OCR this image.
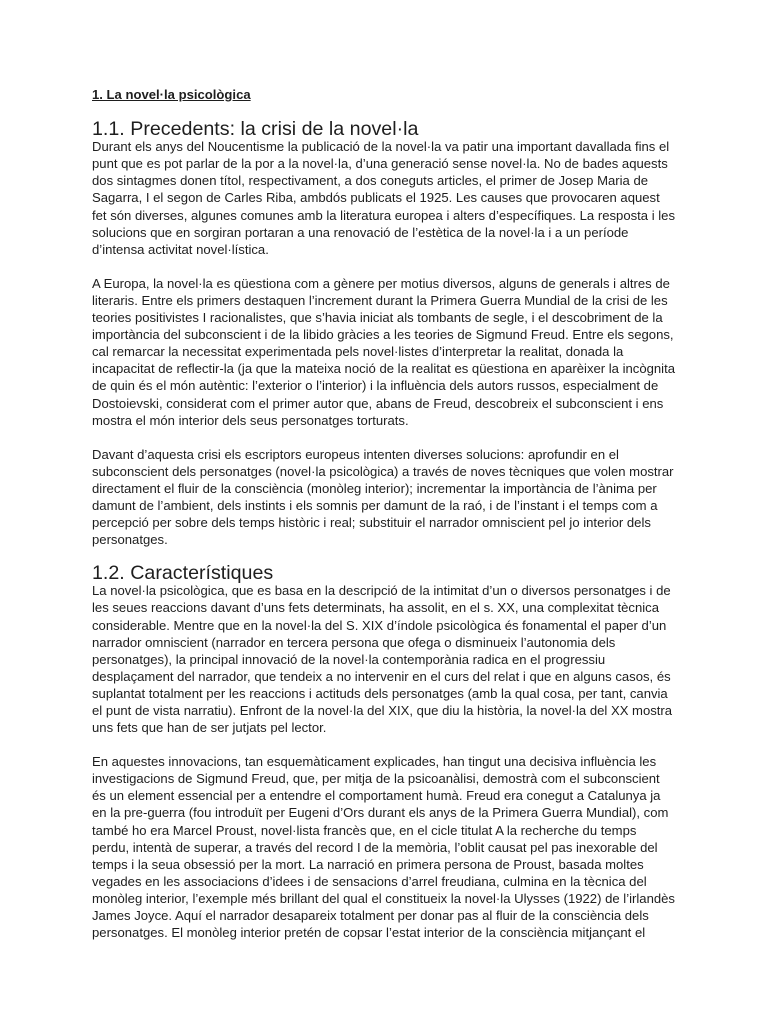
1. La novel·la psicològica
1.1. Precedents: la crisi de la novel·la

Durant els anys del Noucentisme la publicació de la novel·la va patir una important davallada fins el punt que es pot parlar de la por a la novel·la, d’una generació sense novel·la. No de bades aquests dos sintagmes donen títol, respectivament, a dos coneguts articles, el primer de Josep Maria de Sagarra, I el segon de Carles Riba, ambdós publicats el 1925. Les causes que provocaren aquest fet són diverses, algunes comunes amb la literatura europea i alters d’específiques. La resposta i les solucions que en sorgiran portaran a una renovació de l’estètica de la novel·la i a un període d’intensa activitat novel·lística.

A Europa, la novel·la es qüestiona com a gènere per motius diversos, alguns de generals i altres de literaris. Entre els primers destaquen l’increment durant la Primera Guerra Mundial de la crisi de les teories positivistes I racionalistes, que s’havia iniciat als tombants de segle, i el descobriment de la importància del subconscient i de la libido gràcies a les teories de Sigmund Freud. Entre els segons, cal remarcar la necessitat experimentada pels novel·listes d’interpretar la realitat, donada la incapacitat de reflectir-la (ja que la mateixa noció de la realitat es qüestiona en aparèixer la incògnita de quin és el món autèntic: l’exterior o l’interior) i la influència dels autors russos, especialment de Dostoievski, considerat com el primer autor que, abans de Freud, descobreix el subconscient i ens mostra el món interior dels seus personatges torturats.

Davant d’aquesta crisi els escriptors europeus intenten diverses solucions: aprofundir en el subconscient dels personatges (novel·la psicològica) a través de noves tècniques que volen mostrar directament el fluir de la consciència (monòleg interior); incrementar la importància de l’ànima per damunt de l’ambient, dels instints i els somnis per damunt de la raó, i de l’instant i el temps com a percepció per sobre dels temps històric i real; substituir el narrador omniscient pel jo interior dels personatges.

1.2. Característiques

La novel·la psicològica, que es basa en la descripció de la intimitat d’un o diversos personatges i de les seues reaccions davant d’uns fets determinats, ha assolit, en el s. XX, una complexitat tècnica considerable. Mentre que en la novel·la del S. XIX d’índole psicològica és fonamental el paper d’un narrador omniscient (narrador en tercera persona que ofega o disminueix l’autonomia dels personatges), la principal innovació de la novel·la contemporània radica en el progressiu desplaçament del narrador, que tendeix a no intervenir en el curs del relat i que en alguns casos, és suplantat totalment per les reaccions i actituds dels personatges (amb la qual cosa, per tant, canvia el punt de vista narratiu). Enfront de la novel·la del XIX, que diu la història, la novel·la del XX mostra uns fets que han de ser jutjats pel lector.

En aquestes innovacions, tan esquemàticament explicades, han tingut una decisiva influència les investigacions de Sigmund Freud, que, per mitja de la psicoanàlisi, demostrà com el subconscient és un element essencial per a entendre el comportament humà. Freud era conegut a Catalunya ja en la pre-guerra (fou introduït per Eugeni d’Ors durant els anys de la Primera Guerra Mundial), com també ho era Marcel Proust, novel·lista francès que, en el cicle titulat A la recherche du temps perdu, intentà de superar, a través del record I de la memòria, l’oblit causat pel pas inexorable del temps i la seua obsessió per la mort. La narració en primera persona de Proust, basada moltes vegades en les associacions d’idees i de sensacions d’arrel freudiana, culmina en la tècnica del monòleg interior, l’exemple més brillant del qual el constitueix la novel·la Ulysses (1922) de l’irlandès James Joyce. Aquí el narrador desapareix totalment per donar pas al fluir de la consciència dels personatges. El monòleg interior pretén de copsar l’estat interior de la consciència mitjançant el
